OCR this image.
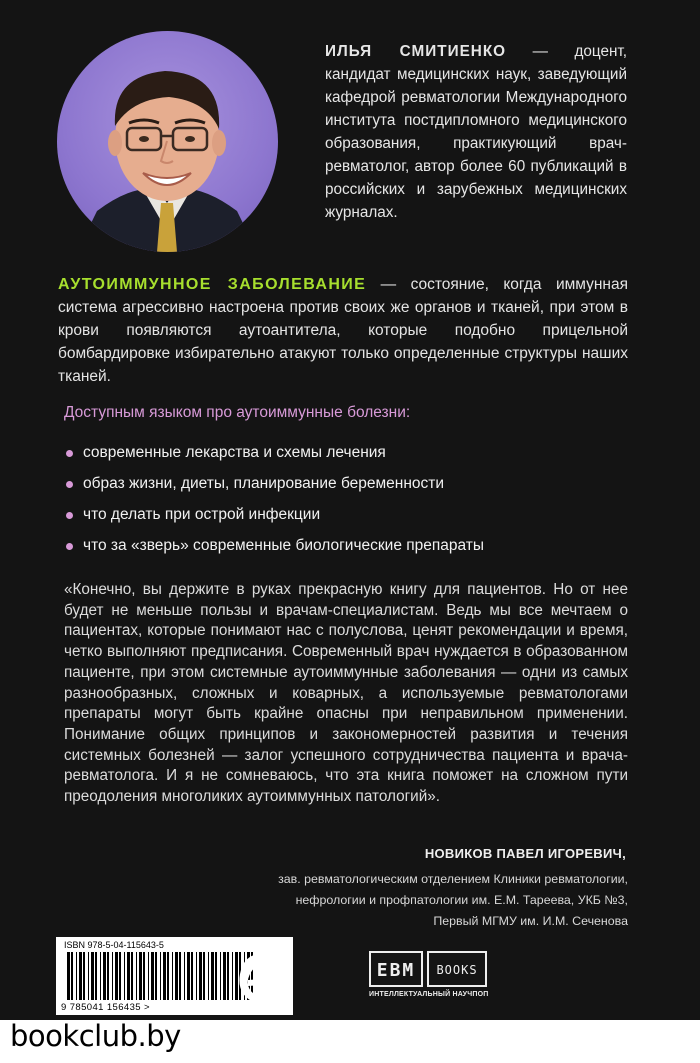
ИЛЬЯ СМИТИЕНКО — доцент, кандидат медицинских наук, заведующий кафедрой ревматологии Международного института постдипломного медицинского образования, практикующий врач-ревматолог, автор более 60 публикаций в российских и зарубежных медицинских журналах.
АУТОИММУННОЕ ЗАБОЛЕВАНИЕ — состояние, когда иммунная система агрессивно настроена против своих же органов и тканей, при этом в крови появляются аутоантитела, которые подобно прицельной бомбардировке избирательно атакуют только определенные структуры наших тканей.
Доступным языком про аутоиммунные болезни:
современные лекарства и схемы лечения
образ жизни, диеты, планирование беременности
что делать при острой инфекции
что за «зверь» современные биологические препараты
«Конечно, вы держите в руках прекрасную книгу для пациентов. Но от нее будет не меньше пользы и врачам-специалистам. Ведь мы все мечтаем о пациентах, которые понимают нас с полуслова, ценят рекомендации и время, четко выполняют предписания. Современный врач нуждается в образованном пациенте, при этом системные аутоиммунные заболевания — одни из самых разнообразных, сложных и коварных, а используемые ревматологами препараты могут быть крайне опасны при неправильном применении. Понимание общих принципов и закономерностей развития и течения системных болезней — залог успешного сотрудничества пациента и врача-ревматолога. И я не сомневаюсь, что эта книга поможет на сложном пути преодоления многоликих аутоиммунных патологий».
НОВИКОВ ПАВЕЛ ИГОРЕВИЧ,
зав. ревматологическим отделением Клиники ревматологии,
нефрологии и профпатологии им. Е.М. Тареева, УКБ №3,
Первый МГМУ им. И.М. Сеченова
ISBN 978-5-04-115643-5
9 785041 156435 >
EBM	BOOKS
ИНТЕЛЛЕКТУАЛЬНЫЙ НАУЧПОП
bookclub.by
